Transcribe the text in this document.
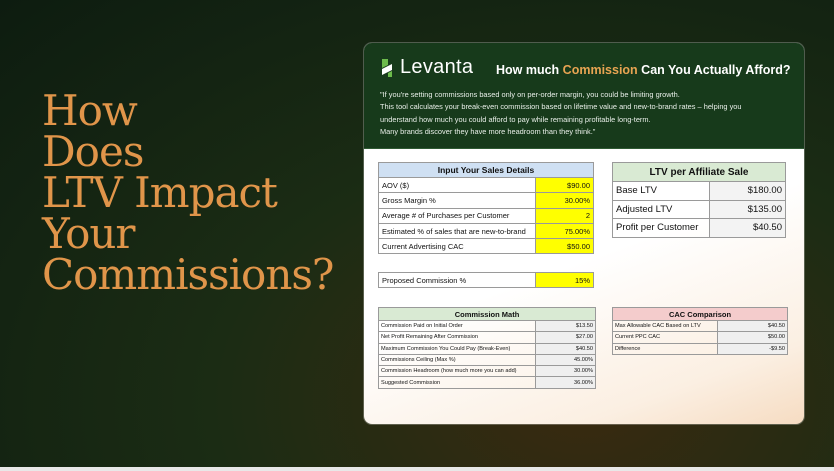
How
Does
LTV Impact
Your
Commissions?
Levanta How much Commission Can You Actually Afford?
"If you're setting commissions based only on per-order margin, you could be limiting growth.
This tool calculates your break-even commission based on lifetime value and new-to-brand rates – helping you
understand how much you could afford to pay while remaining profitable long-term.
Many brands discover they have more headroom than they think."
Input Your Sales Details	
AOV ($)	$90.00
Gross Margin %	30.00%
Average # of Purchases per Customer	2
Estimated % of sales that are new-to-brand	75.00%
Current Advertising CAC	$50.00
Proposed Commission %	15%
LTV per Affiliate Sale	
Base LTV	$180.00
Adjusted LTV	$135.00
Profit per Customer	$40.50
Commission Math	
Commission Paid on Initial Order	$13.50
Net Profit Remaining After Commission	$27.00
Maximum Commission You Could Pay (Break-Even)	$40.50
Commissions Ceiling (Max %)	45.00%
Commission Headroom (how much more you can add)	30.00%
Suggested Commission	36.00%
CAC Comparison	
Max Allowable CAC Based on LTV	$40.50
Current PPC CAC	$50.00
Difference	-$9.50
